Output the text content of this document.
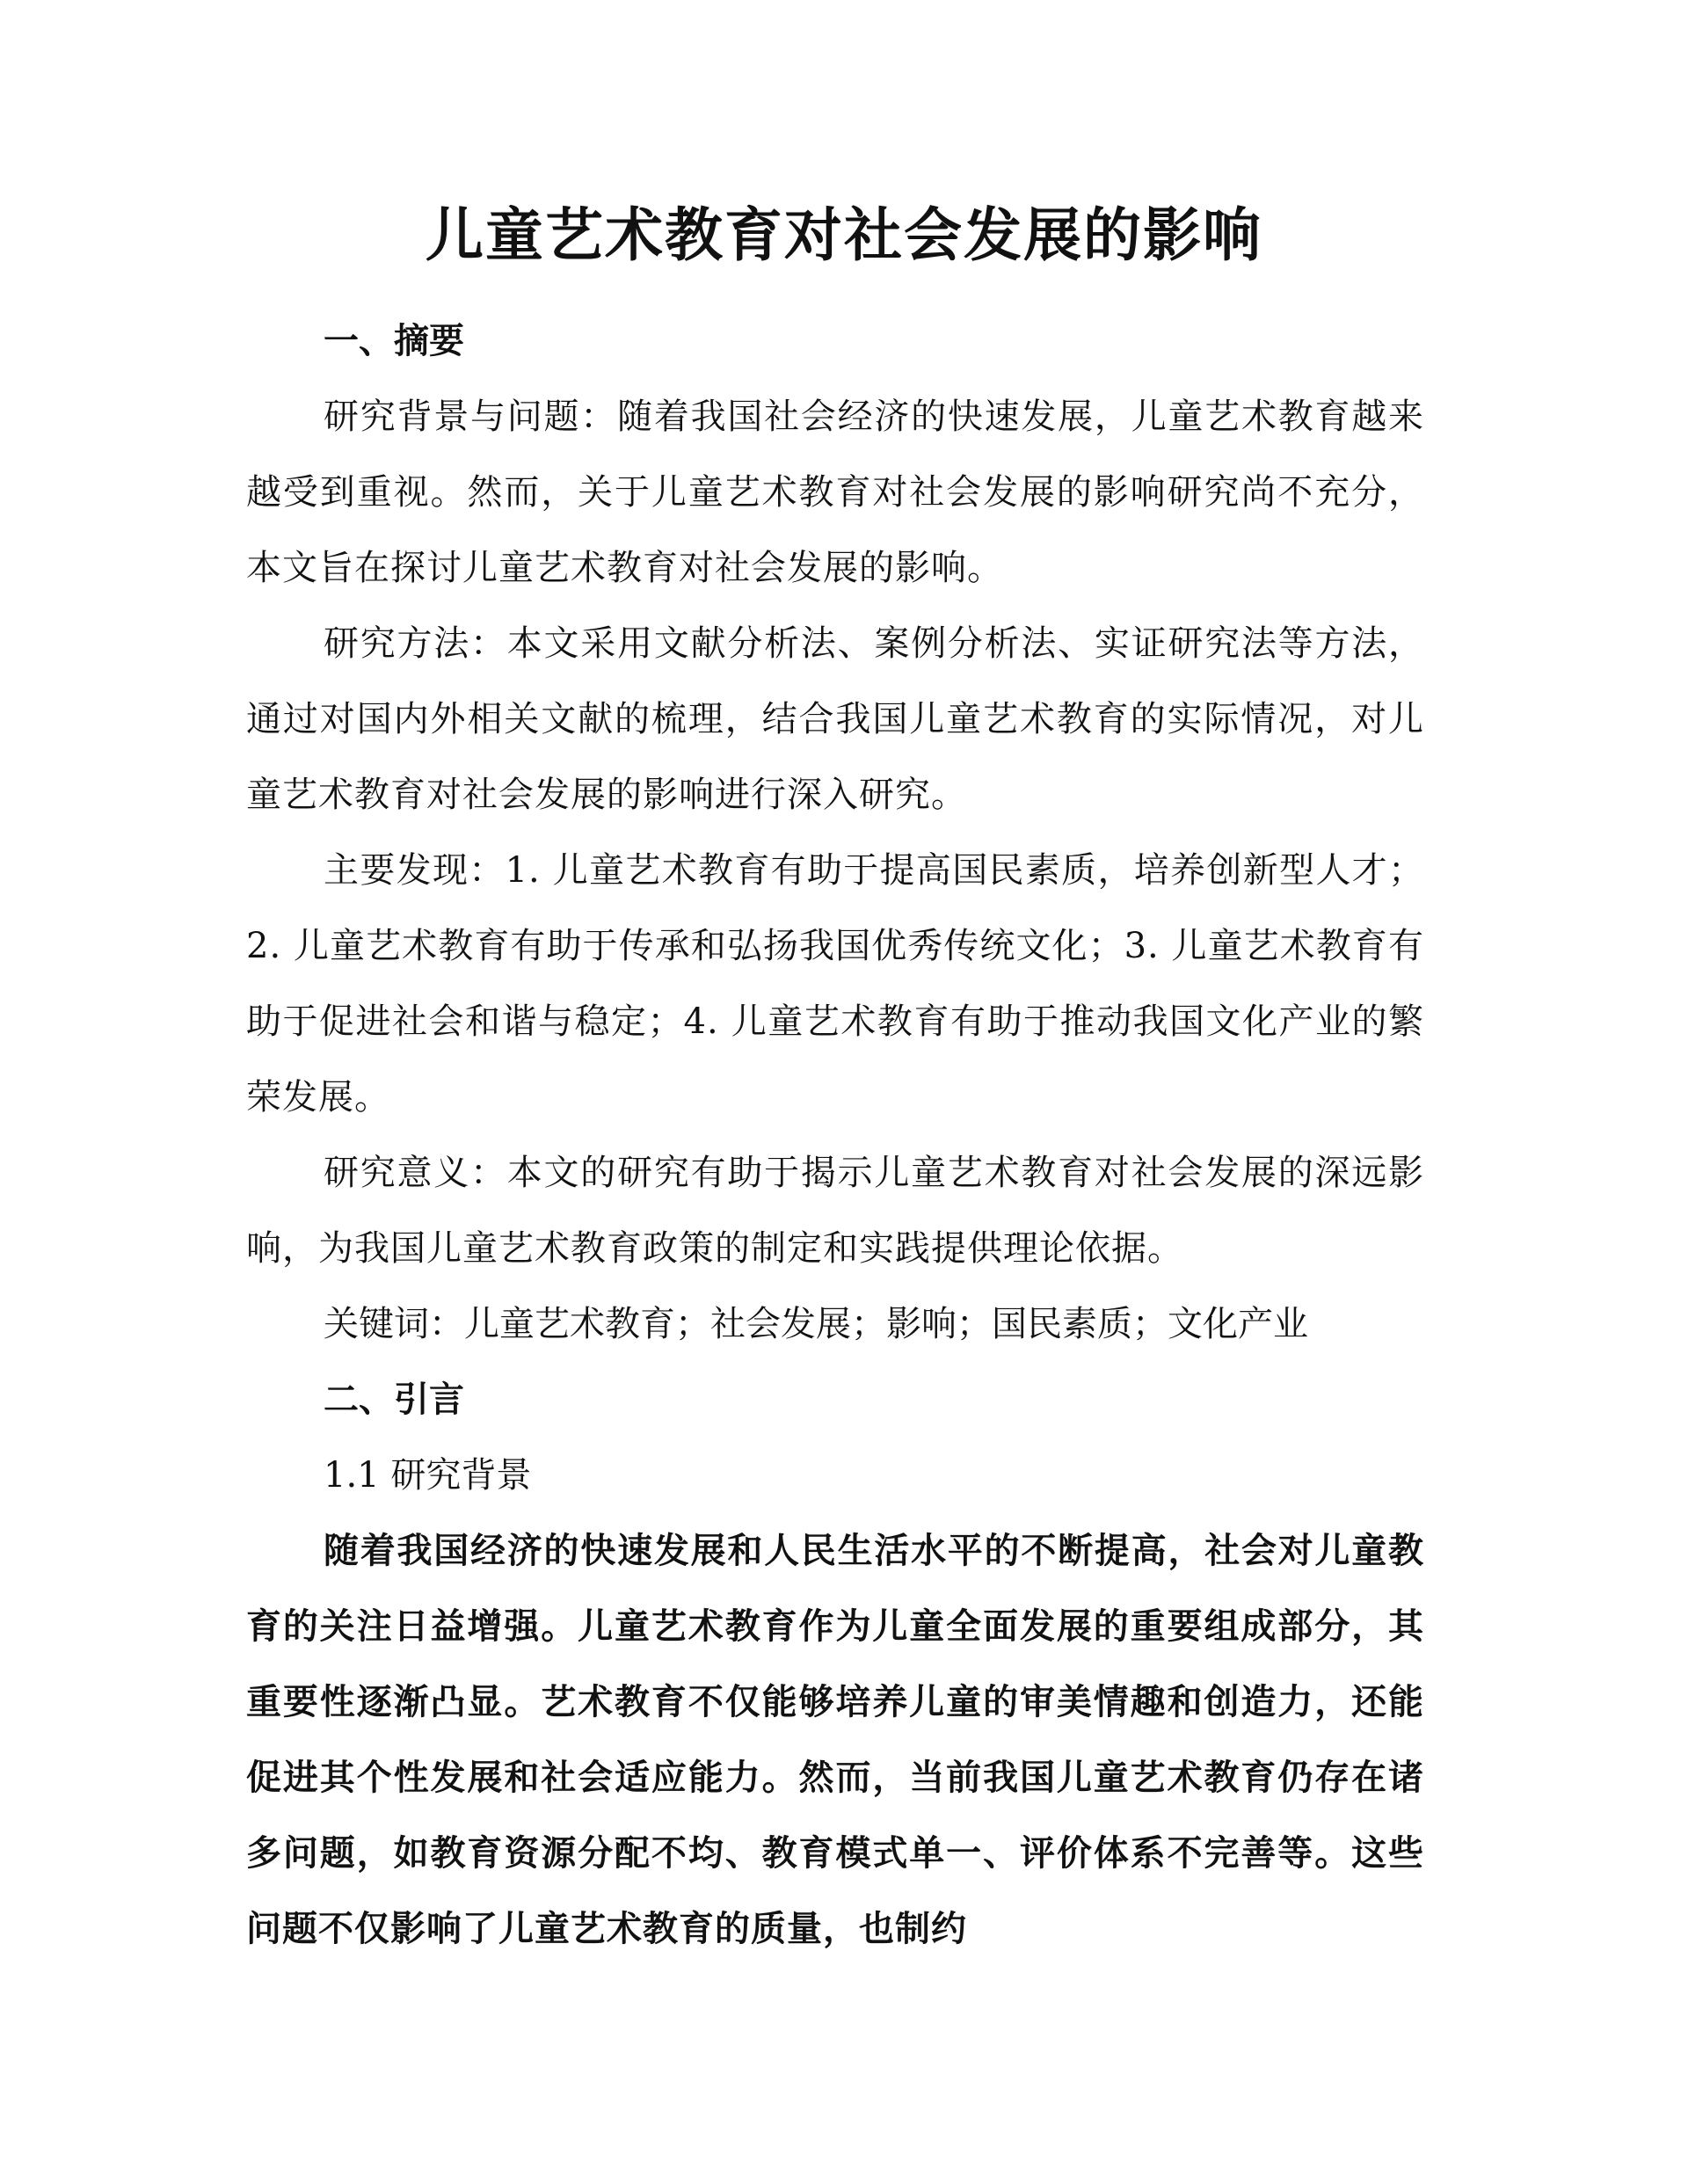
儿童艺术教育对社会发展的影响

一、摘要

研究背景与问题：随着我国社会经济的快速发展，儿童艺术教育越来越受到重视。然而，关于儿童艺术教育对社会发展的影响研究尚不充分，本文旨在探讨儿童艺术教育对社会发展的影响。

研究方法：本文采用文献分析法、案例分析法、实证研究法等方法，通过对国内外相关文献的梳理，结合我国儿童艺术教育的实际情况，对儿童艺术教育对社会发展的影响进行深入研究。

主要发现：1. 儿童艺术教育有助于提高国民素质，培养创新型人才；2. 儿童艺术教育有助于传承和弘扬我国优秀传统文化；3. 儿童艺术教育有助于促进社会和谐与稳定；4. 儿童艺术教育有助于推动我国文化产业的繁荣发展。

研究意义：本文的研究有助于揭示儿童艺术教育对社会发展的深远影响，为我国儿童艺术教育政策的制定和实践提供理论依据。

关键词：儿童艺术教育；社会发展；影响；国民素质；文化产业

二、引言

1.1 研究背景

随着我国经济的快速发展和人民生活水平的不断提高，社会对儿童教育的关注日益增强。儿童艺术教育作为儿童全面发展的重要组成部分，其重要性逐渐凸显。艺术教育不仅能够培养儿童的审美情趣和创造力，还能促进其个性发展和社会适应能力。然而，当前我国儿童艺术教育仍存在诸多问题，如教育资源分配不均、教育模式单一、评价体系不完善等。这些问题不仅影响了儿童艺术教育的质量，也制约
